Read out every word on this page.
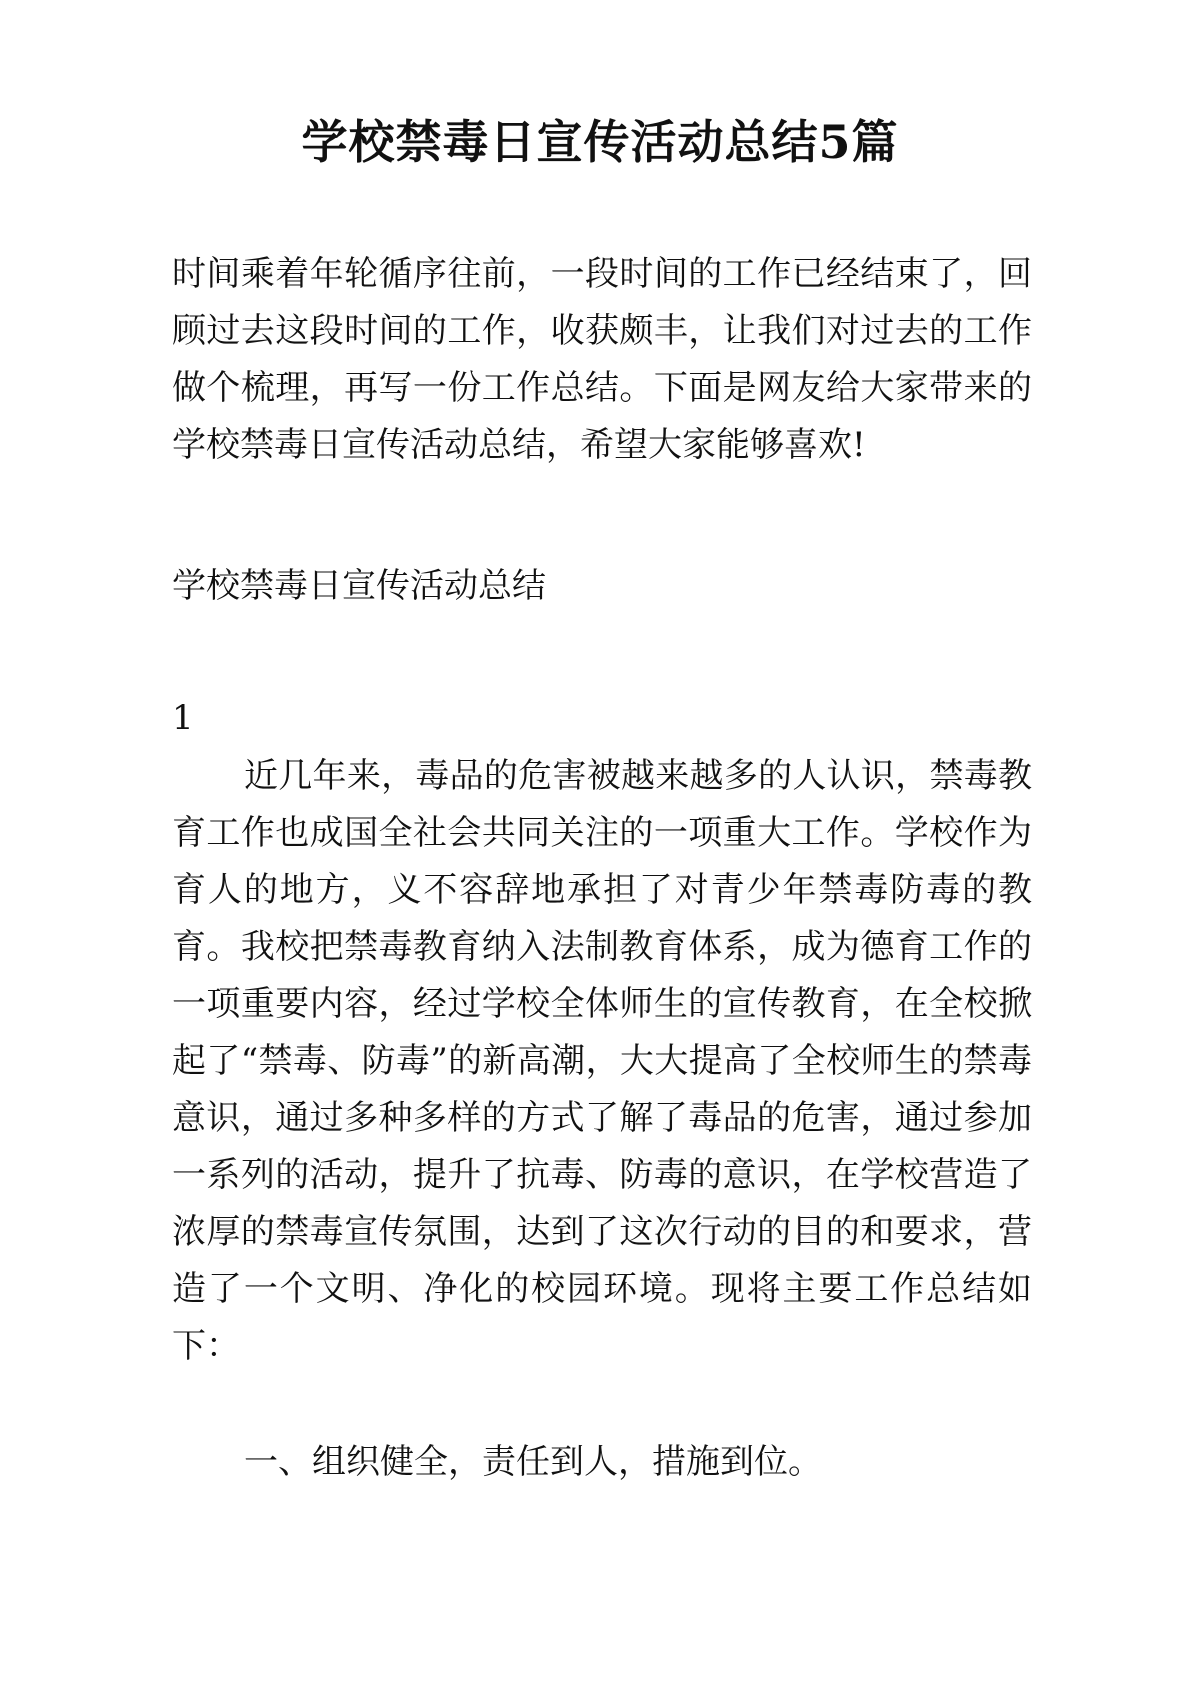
学校禁毒日宣传活动总结5篇
时间乘着年轮循序往前，一段时间的工作已经结束了，回顾过去这段时间的工作，收获颇丰，让我们对过去的工作做个梳理，再写一份工作总结。下面是网友给大家带来的学校禁毒日宣传活动总结，希望大家能够喜欢!
学校禁毒日宣传活动总结
1
近几年来，毒品的危害被越来越多的人认识，禁毒教育工作也成国全社会共同关注的一项重大工作。学校作为育人的地方，义不容辞地承担了对青少年禁毒防毒的教育。我校把禁毒教育纳入法制教育体系，成为德育工作的一项重要内容，经过学校全体师生的宣传教育，在全校掀起了“禁毒、防毒”的新高潮，大大提高了全校师生的禁毒意识，通过多种多样的方式了解了毒品的危害，通过参加一系列的活动，提升了抗毒、防毒的意识，在学校营造了浓厚的禁毒宣传氛围，达到了这次行动的目的和要求，营造了一个文明、净化的校园环境。现将主要工作总结如下：
一、组织健全，责任到人，措施到位。
